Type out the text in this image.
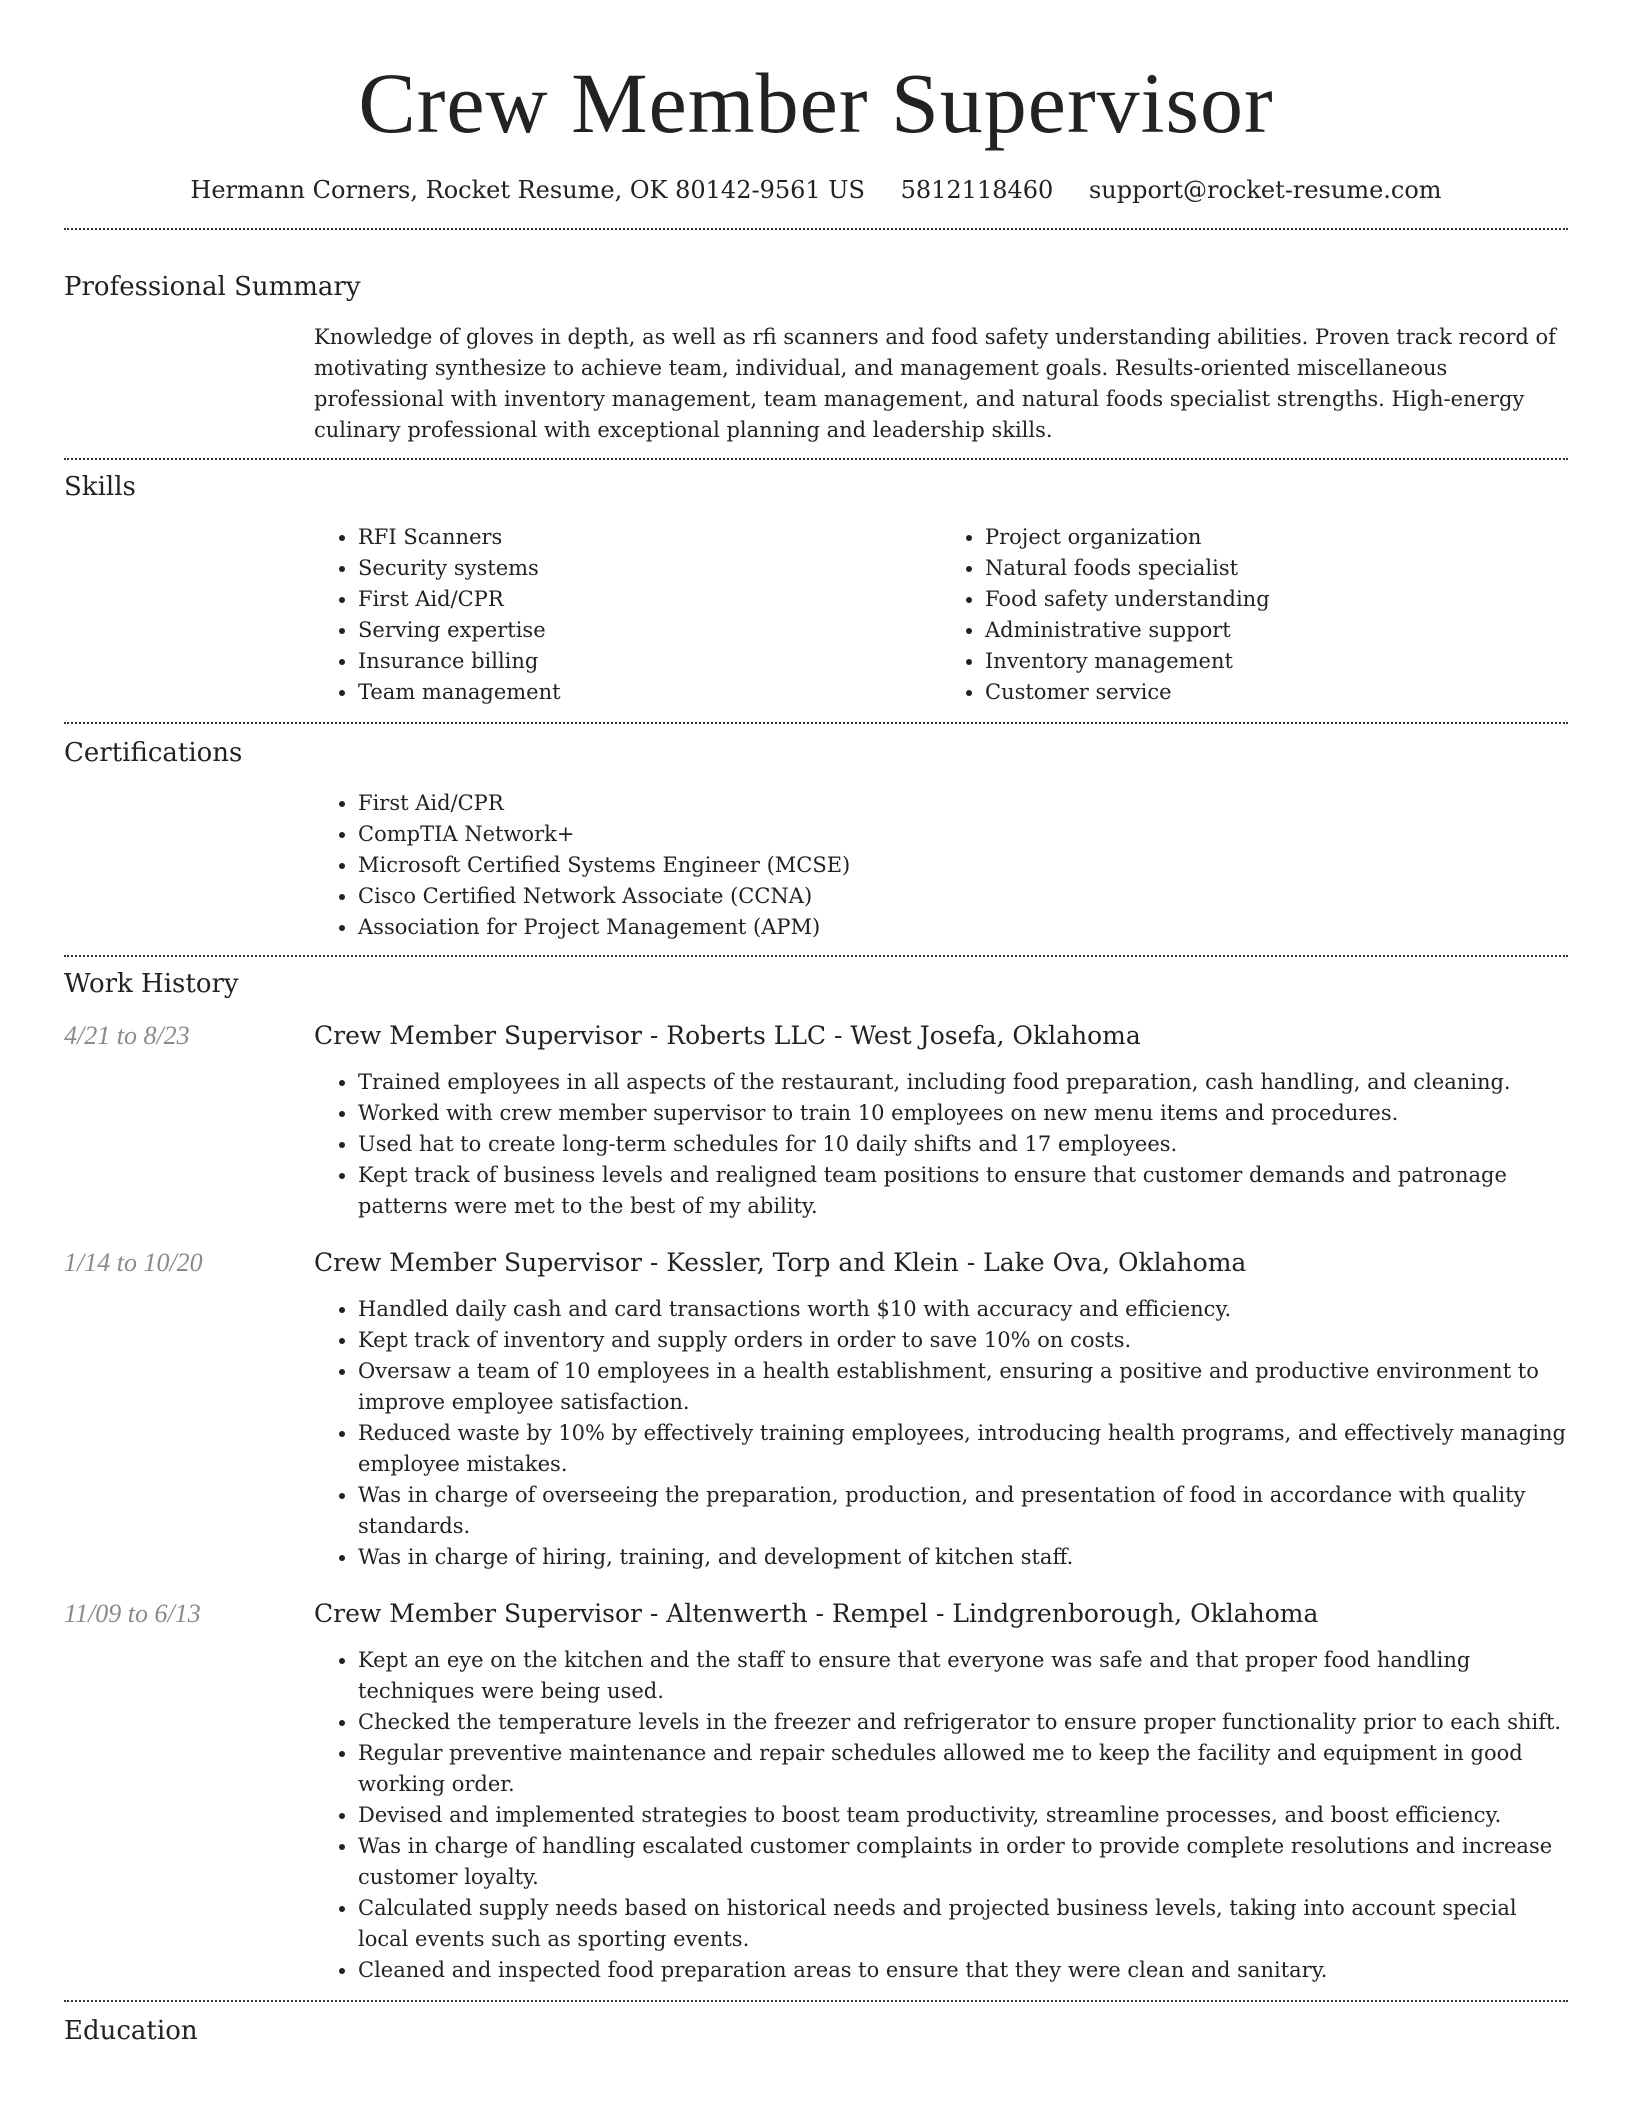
Crew Member Supervisor
Hermann Corners, Rocket Resume, OK 80142-9561 US 5812118460 support@rocket-resume.com
Professional Summary
Knowledge of gloves in depth, as well as rfi scanners and food safety understanding abilities. Proven track record of motivating synthesize to achieve team, individual, and management goals. Results-oriented miscellaneous professional with inventory management, team management, and natural foods specialist strengths. High-energy culinary professional with exceptional planning and leadership skills.
Skills
• RFI Scanners
• Security systems
• First Aid/CPR
• Serving expertise
• Insurance billing
• Team management
• Project organization
• Natural foods specialist
• Food safety understanding
• Administrative support
• Inventory management
• Customer service
Certifications
• First Aid/CPR
• CompTIA Network+
• Microsoft Certified Systems Engineer (MCSE)
• Cisco Certified Network Associate (CCNA)
• Association for Project Management (APM)
Work History
4/21 to 8/23	Crew Member Supervisor - Roberts LLC - West Josefa, Oklahoma
• Trained employees in all aspects of the restaurant, including food preparation, cash handling, and cleaning.
• Worked with crew member supervisor to train 10 employees on new menu items and procedures.
• Used hat to create long-term schedules for 10 daily shifts and 17 employees.
• Kept track of business levels and realigned team positions to ensure that customer demands and patronage patterns were met to the best of my ability.
1/14 to 10/20	Crew Member Supervisor - Kessler, Torp and Klein - Lake Ova, Oklahoma
• Handled daily cash and card transactions worth $10 with accuracy and efficiency.
• Kept track of inventory and supply orders in order to save 10% on costs.
• Oversaw a team of 10 employees in a health establishment, ensuring a positive and productive environment to improve employee satisfaction.
• Reduced waste by 10% by effectively training employees, introducing health programs, and effectively managing employee mistakes.
• Was in charge of overseeing the preparation, production, and presentation of food in accordance with quality standards.
• Was in charge of hiring, training, and development of kitchen staff.
11/09 to 6/13	Crew Member Supervisor - Altenwerth - Rempel - Lindgrenborough, Oklahoma
• Kept an eye on the kitchen and the staff to ensure that everyone was safe and that proper food handling techniques were being used.
• Checked the temperature levels in the freezer and refrigerator to ensure proper functionality prior to each shift.
• Regular preventive maintenance and repair schedules allowed me to keep the facility and equipment in good working order.
• Devised and implemented strategies to boost team productivity, streamline processes, and boost efficiency.
• Was in charge of handling escalated customer complaints in order to provide complete resolutions and increase customer loyalty.
• Calculated supply needs based on historical needs and projected business levels, taking into account special local events such as sporting events.
• Cleaned and inspected food preparation areas to ensure that they were clean and sanitary.
Education
